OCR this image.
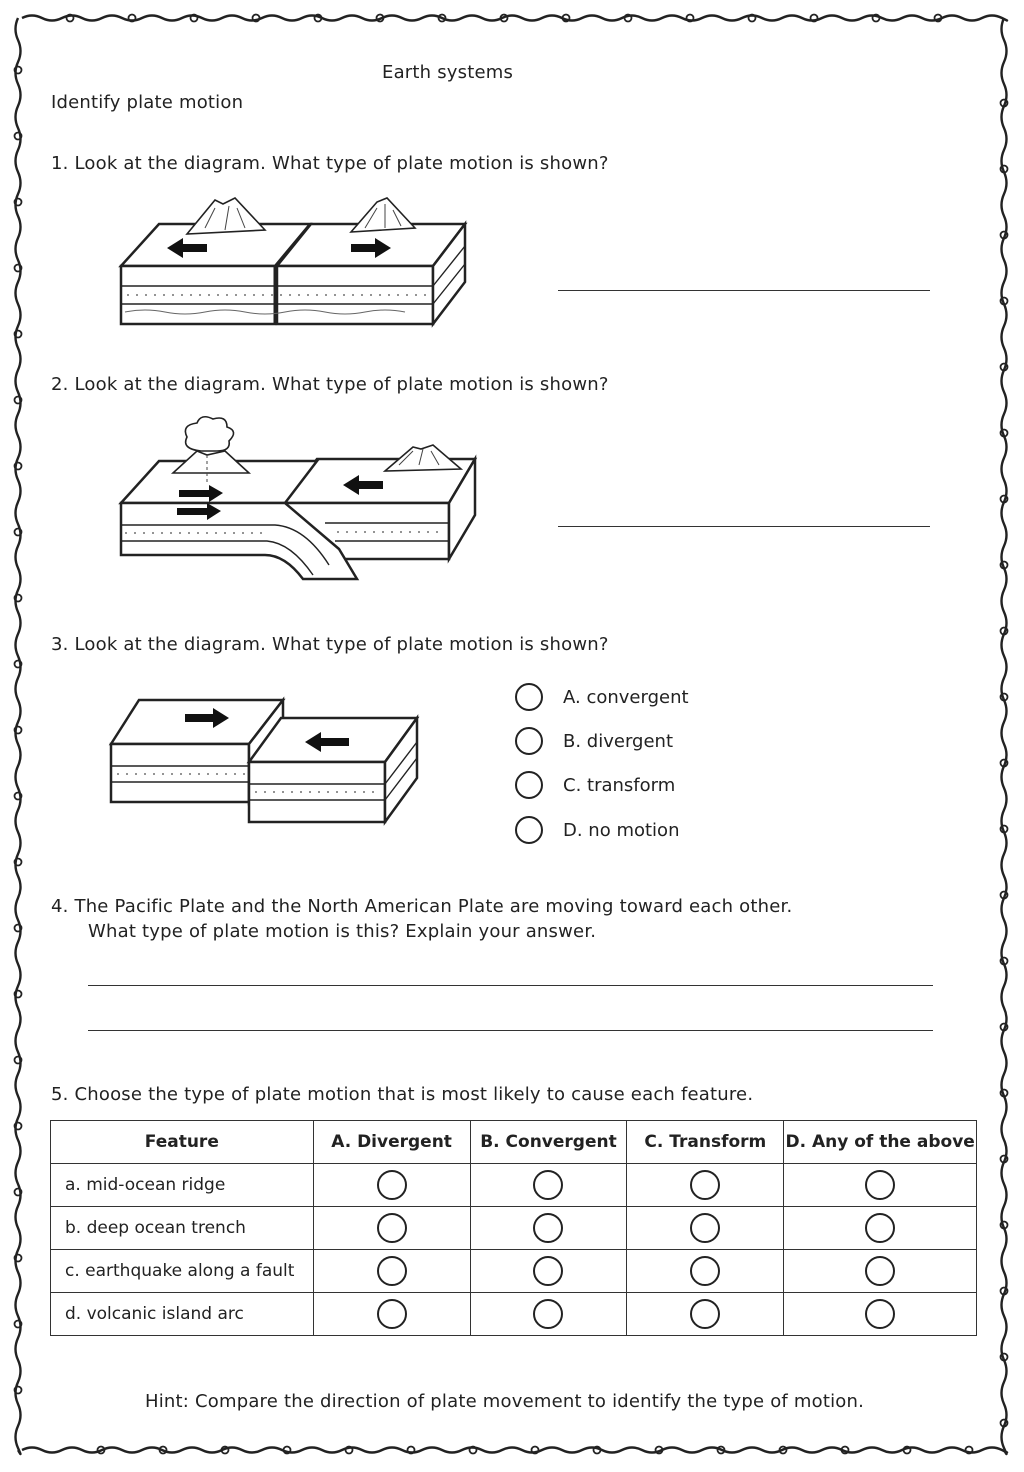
Earth systems
Identify plate motion
1. Look at the diagram. What type of plate motion is shown?
2. Look at the diagram. What type of plate motion is shown?
3. Look at the diagram. What type of plate motion is shown?
A. convergent
B. divergent
C. transform
D. no motion
4. The Pacific Plate and the North American Plate are moving toward each other.
What type of plate motion is this? Explain your answer.
5. Choose the type of plate motion that is most likely to cause each feature.
Feature	A. Divergent	B. Convergent	C. Transform	D. Any of the above
a. mid-ocean ridge				
b. deep ocean trench				
c. earthquake along a fault				
d. volcanic island arc				
Hint: Compare the direction of plate movement to identify the type of motion.
